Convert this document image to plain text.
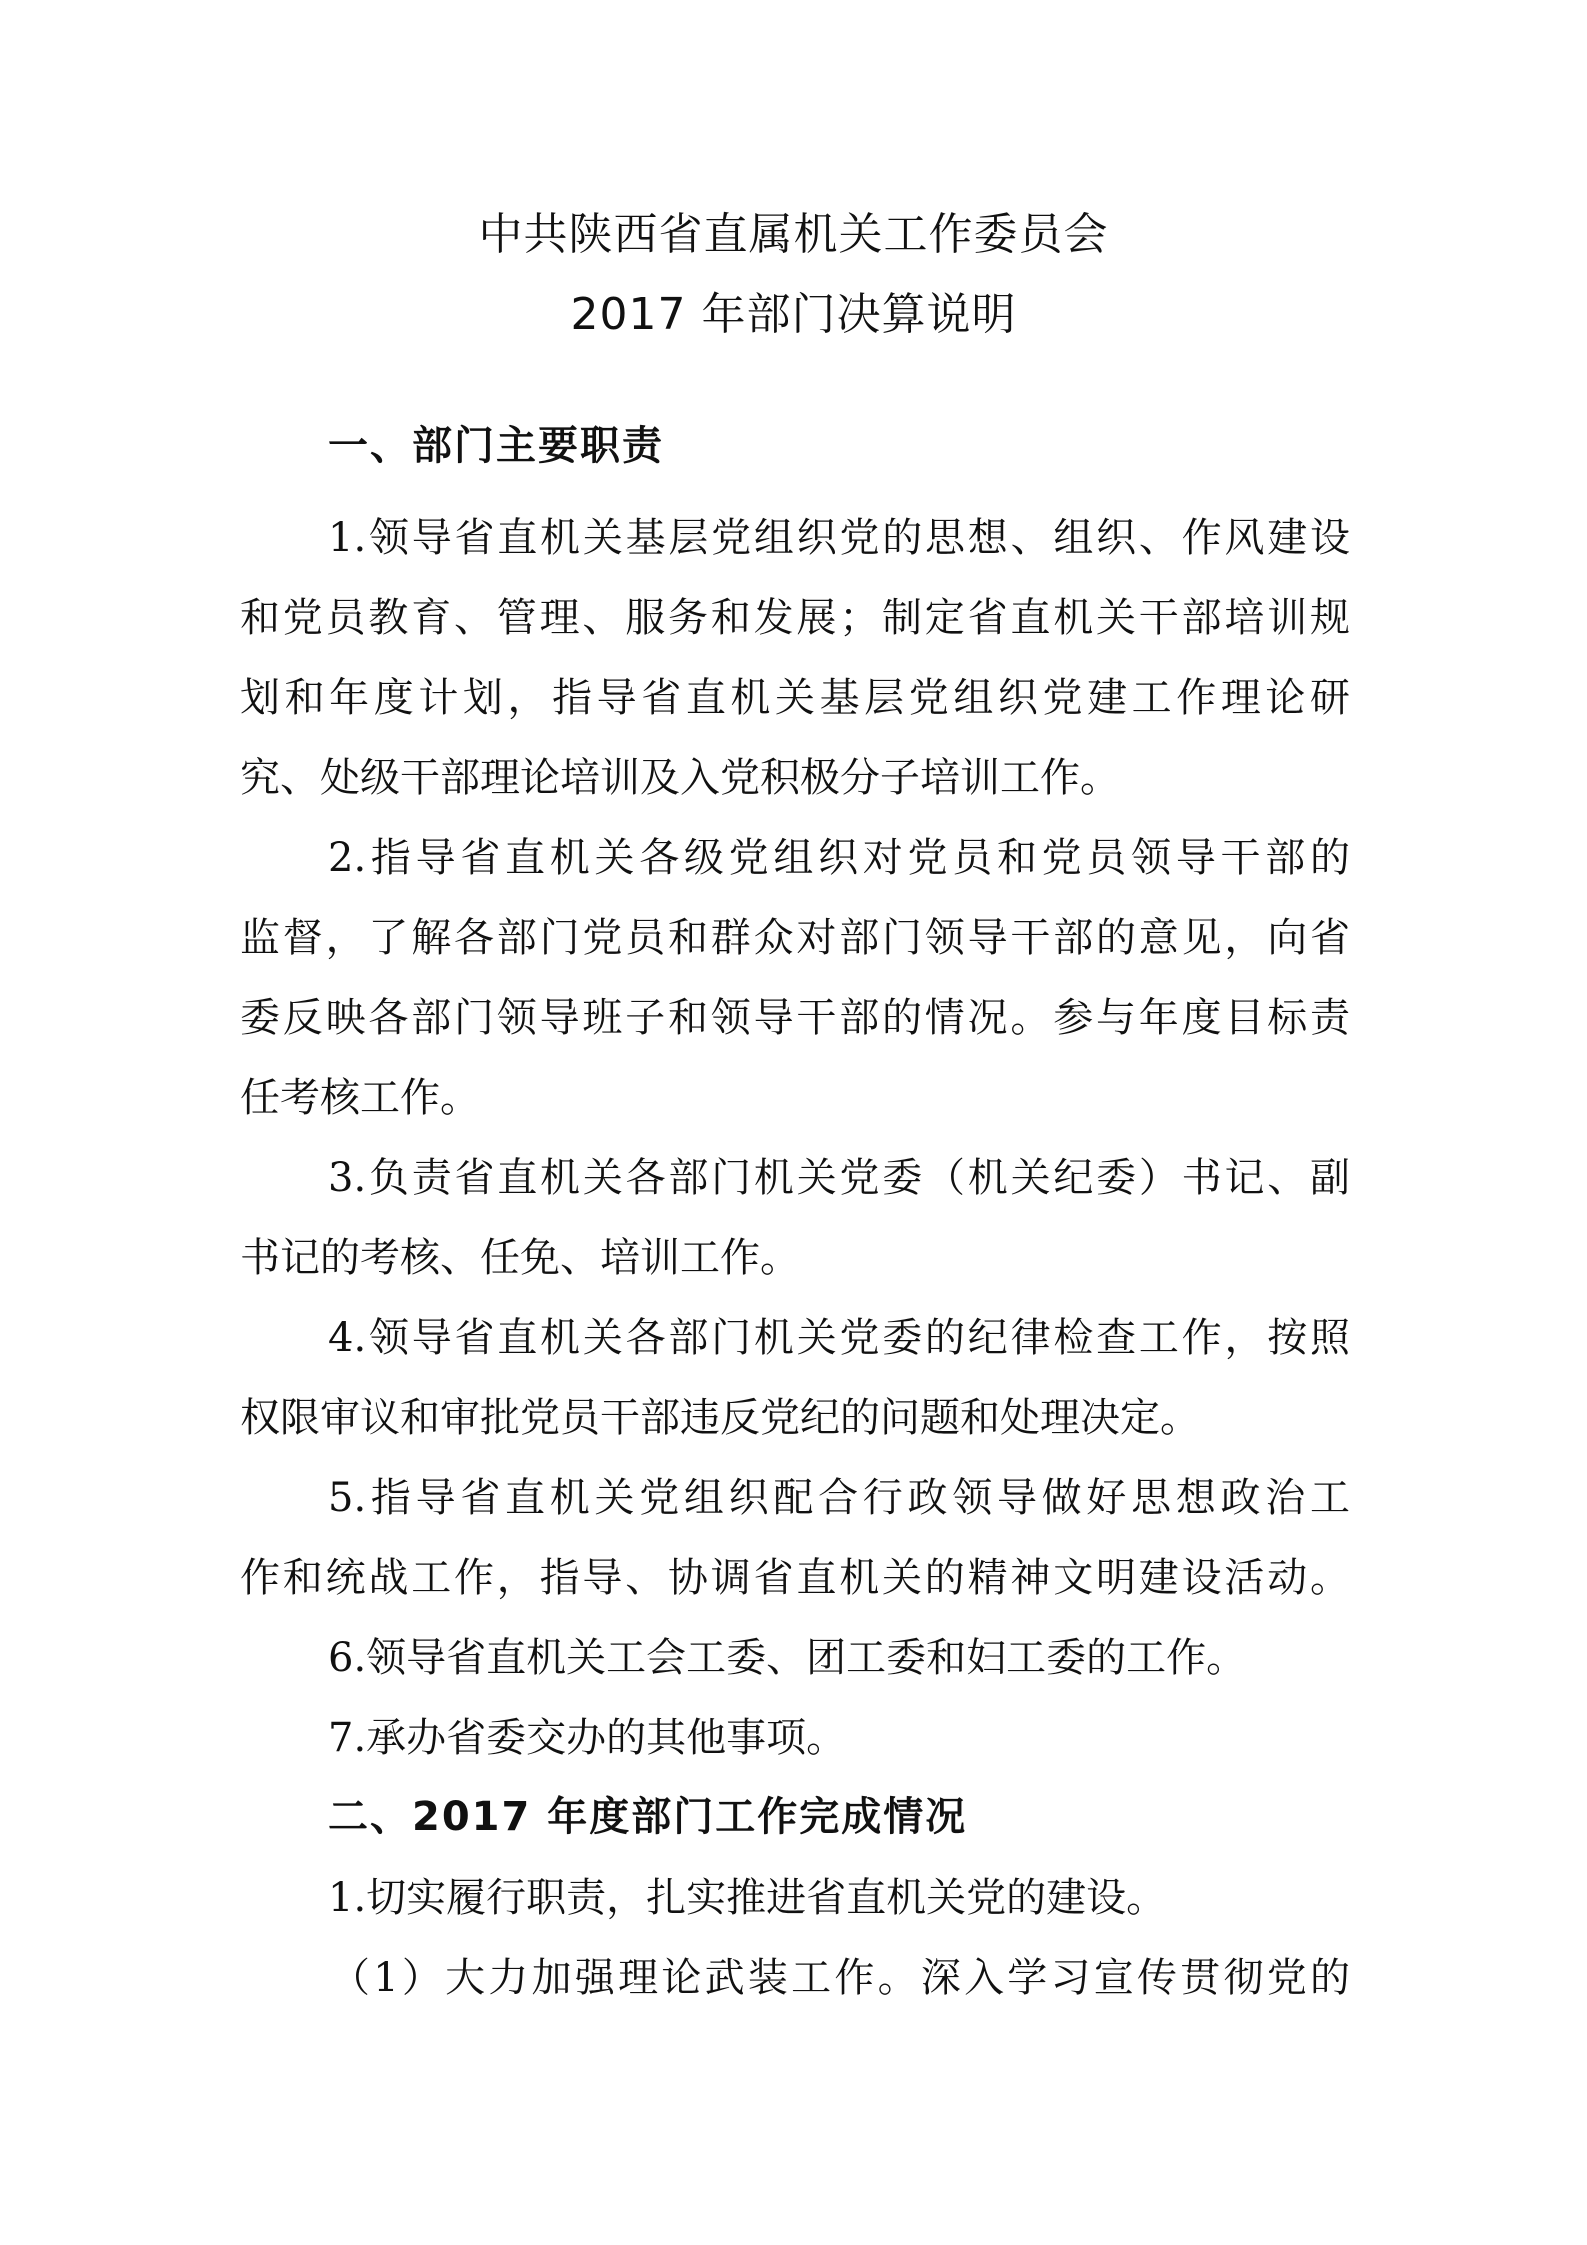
中共陕西省直属机关工作委员会
2017 年部门决算说明
一、部门主要职责
1.领导省直机关基层党组织党的思想、组织、作风建设
和党员教育、管理、服务和发展；制定省直机关干部培训规
划和年度计划，指导省直机关基层党组织党建工作理论研
究、处级干部理论培训及入党积极分子培训工作。
2.指导省直机关各级党组织对党员和党员领导干部的
监督，了解各部门党员和群众对部门领导干部的意见，向省
委反映各部门领导班子和领导干部的情况。参与年度目标责
任考核工作。
3.负责省直机关各部门机关党委（机关纪委）书记、副
书记的考核、任免、培训工作。
4.领导省直机关各部门机关党委的纪律检查工作，按照
权限审议和审批党员干部违反党纪的问题和处理决定。
5.指导省直机关党组织配合行政领导做好思想政治工
作和统战工作，指导、协调省直机关的精神文明建设活动。
6.领导省直机关工会工委、团工委和妇工委的工作。
7.承办省委交办的其他事项。
二、2017 年度部门工作完成情况
1.切实履行职责，扎实推进省直机关党的建设。
（1）大力加强理论武装工作。深入学习宣传贯彻党的
